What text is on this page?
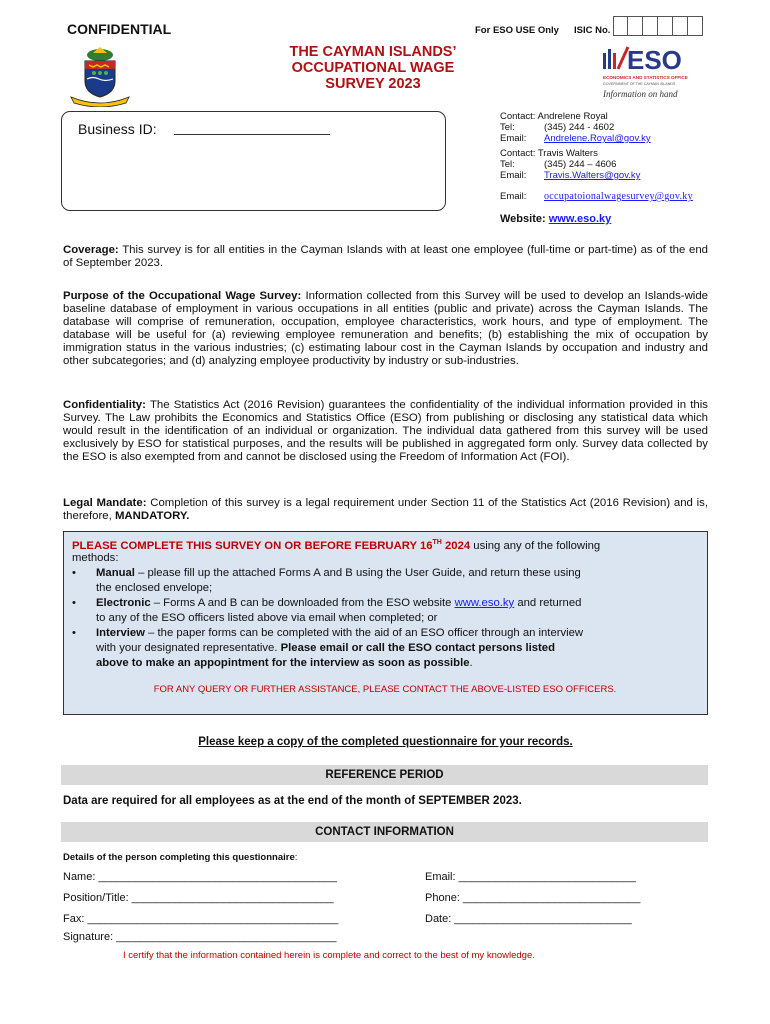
CONFIDENTIAL	For ESO USE Only ISIC No.
THE CAYMAN ISLANDS’
OCCUPATIONAL WAGE
SURVEY 2023
ESO
ECONOMICS AND STATISTICS OFFICE
GOVERNMENT OF THE CAYMAN ISLANDS
Information on hand
Business ID:
Contact: Andrelene Royal
Tel:	(345) 244 - 4602
Email: Andrelene.Royal@gov.ky
Contact: Travis Walters
Tel:	(345) 244 – 4606
Email: Travis.Walters@gov.ky
Email: occupatoionalwagesurvey@gov.ky
Website: www.eso.ky
Coverage: This survey is for all entities in the Cayman Islands with at least one employee (full-time or part-time) as of the end of September 2023.
Purpose of the Occupational Wage Survey: Information collected from this Survey will be used to develop an Islands-wide baseline database of employment in various occupations in all entities (public and private) across the Cayman Islands. The database will comprise of remuneration, occupation, employee characteristics, work hours, and type of employment. The database will be useful for (a) reviewing employee remuneration and benefits; (b) establishing the mix of occupation by immigration status in the various industries; (c) estimating labour cost in the Cayman Islands by occupation and industry and other subcategories; and (d) analyzing employee productivity by industry or sub-industries.
Confidentiality: The Statistics Act (2016 Revision) guarantees the confidentiality of the individual information provided in this Survey. The Law prohibits the Economics and Statistics Office (ESO) from publishing or disclosing any statistical data which would result in the identification of an individual or organization. The individual data gathered from this survey will be used exclusively by ESO for statistical purposes, and the results will be published in aggregated form only. Survey data collected by the ESO is also exempted from and cannot be disclosed using the Freedom of Information Act (FOI).
Legal Mandate: Completion of this survey is a legal requirement under Section 11 of the Statistics Act (2016 Revision) and is, therefore, MANDATORY.
PLEASE COMPLETE THIS SURVEY ON OR BEFORE FEBRUARY 16TH 2024 using any of the following
methods:
• Manual – please fill up the attached Forms A and B using the User Guide, and return these using
the enclosed envelope;
• Electronic – Forms A and B can be downloaded from the ESO website www.eso.ky and returned
to any of the ESO officers listed above via email when completed; or
• Interview – the paper forms can be completed with the aid of an ESO officer through an interview
with your designated representative. Please email or call the ESO contact persons listed
above to make an appopintment for the interview as soon as possible.
FOR ANY QUERY OR FURTHER ASSISTANCE, PLEASE CONTACT THE ABOVE-LISTED ESO OFFICERS.
Please keep a copy of the completed questionnaire for your records.
REFERENCE PERIOD
Data are required for all employees as at the end of the month of SEPTEMBER 2023.
CONTACT INFORMATION
Details of the person completing this questionnaire:
Name: _______________________________________	Email: _____________________________
Position/Title: _________________________________	Phone: _____________________________
Fax: _________________________________________	Date: _____________________________
Signature: ____________________________________
I certify that the information contained herein is complete and correct to the best of my knowledge.
